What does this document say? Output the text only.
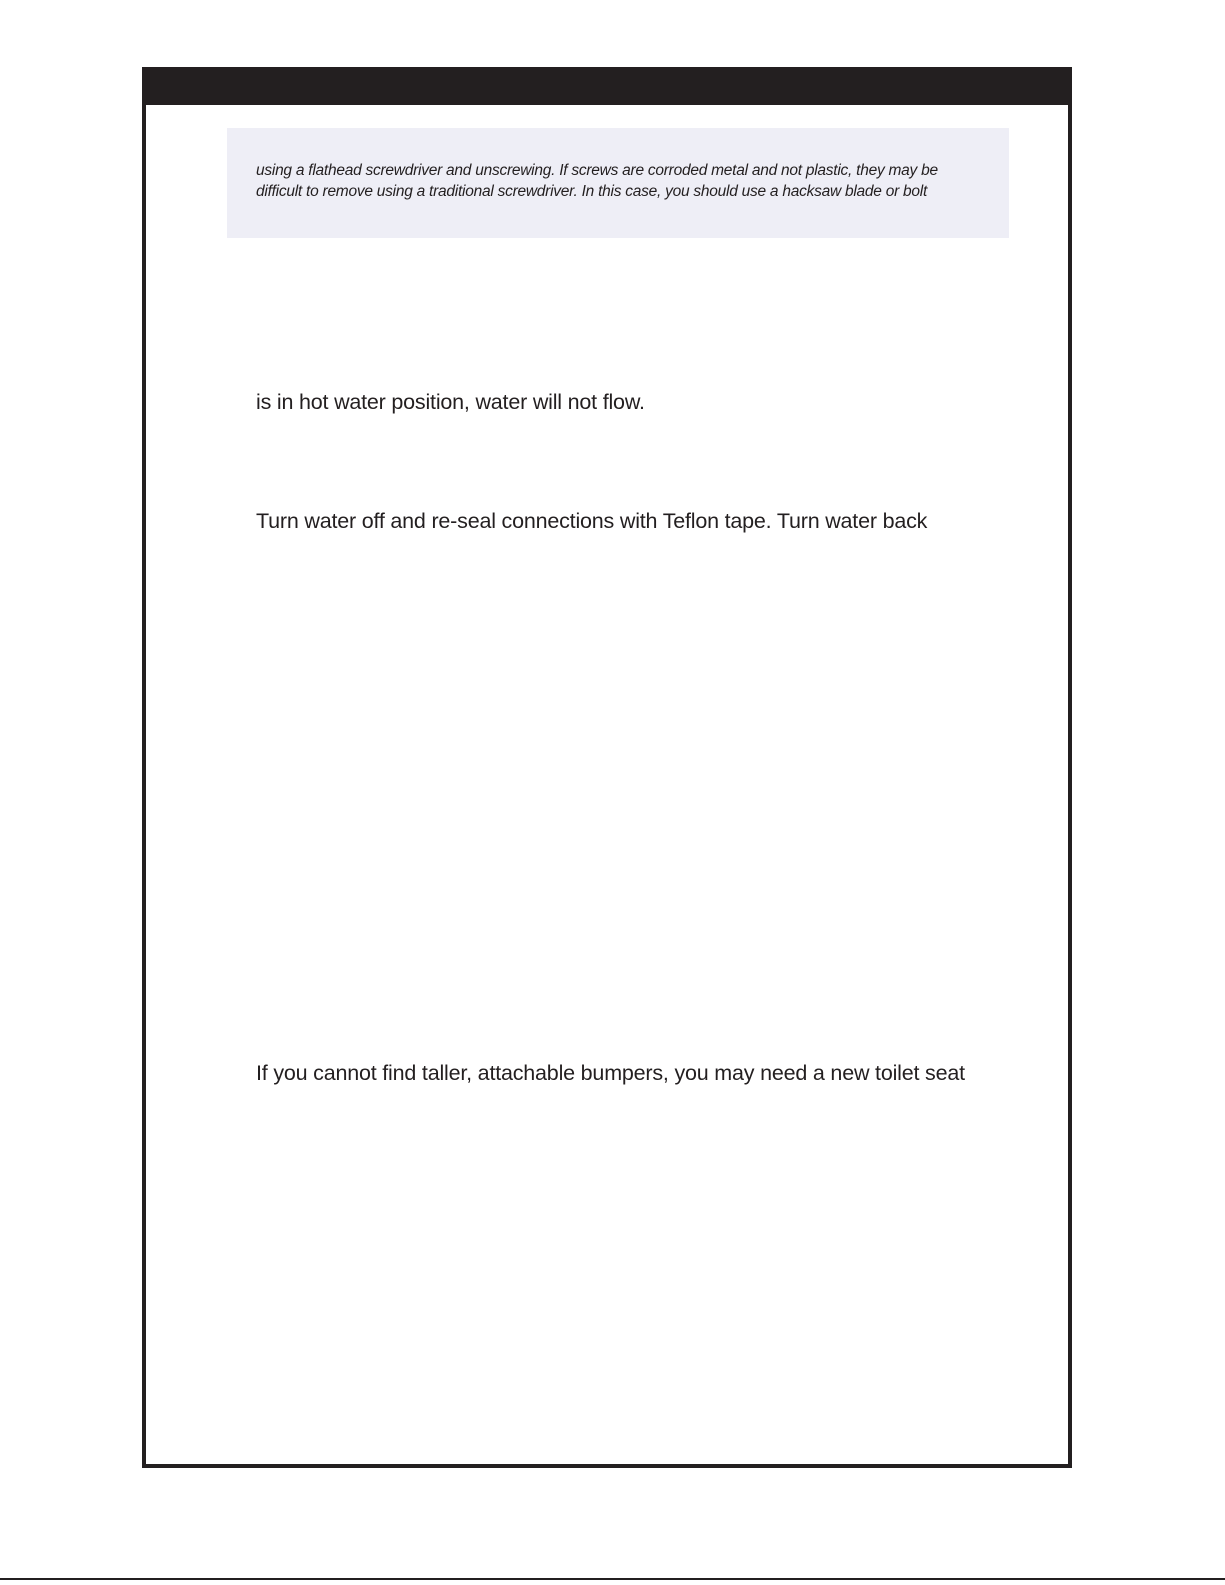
using a flathead screwdriver and unscrewing. If screws are corroded metal and not plastic, they may be
difficult to remove using a traditional screwdriver. In this case, you should use a hacksaw blade or bolt
is in hot water position, water will not flow.
Turn water off and re-seal connections with Teflon tape. Turn water back
If you cannot find taller, attachable bumpers, you may need a new toilet seat
